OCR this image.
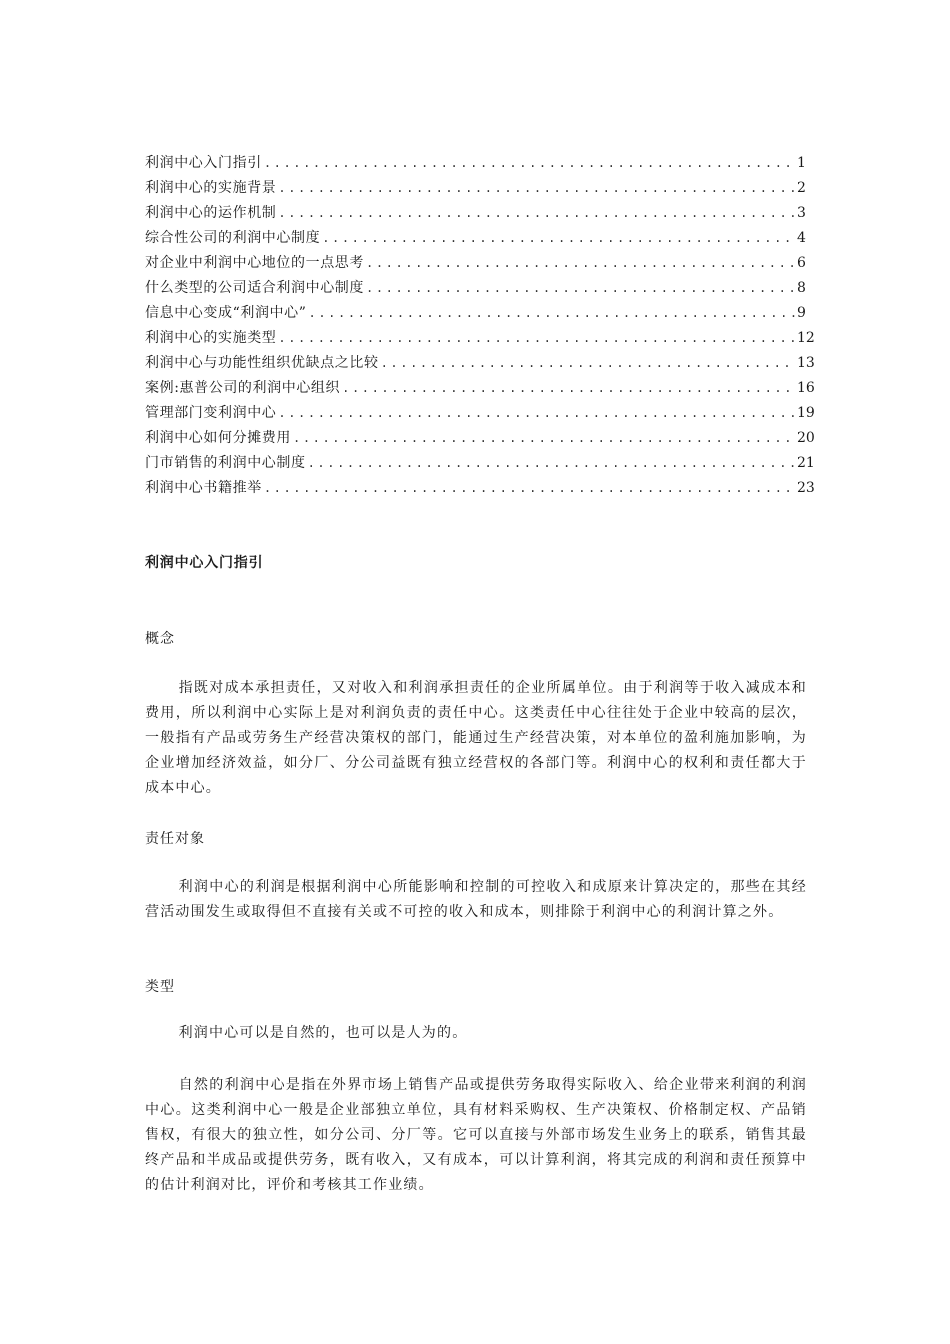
利润中心入门指引 .....	1
利润中心的实施背景 .....	2
利润中心的运作机制 .....	3
综合性公司的利润中心制度 .....	4
对企业中利润中心地位的一点思考 .....	6
什么类型的公司适合利润中心制度 .....	8
信息中心变成“利润中心” .....	9
利润中心的实施类型 .....	12
利润中心与功能性组织优缺点之比较 .....	13
案例:惠普公司的利润中心组织 .....	16
管理部门变利润中心 .....	19
利润中心如何分摊费用 .....	20
门市销售的利润中心制度 .....	21
利润中心书籍推举 .....	23
利润中心入门指引

概念

指既对成本承担责任，又对收入和利润承担责任的企业所属单位。由于利润等于收入减成本和费用，所以利润中心实际上是对利润负责的责任中心。这类责任中心往往处于企业中较高的层次，一般指有产品或劳务生产经营决策权的部门，能通过生产经营决策，对本单位的盈利施加影响，为企业增加经济效益，如分厂、分公司益既有独立经营权的各部门等。利润中心的权利和责任都大于成本中心。

责任对象

利润中心的利润是根据利润中心所能影响和控制的可控收入和成原来计算决定的，那些在其经营活动围发生或取得但不直接有关或不可控的收入和成本，则排除于利润中心的利润计算之外。

类型

利润中心可以是自然的，也可以是人为的。

自然的利润中心是指在外界市场上销售产品或提供劳务取得实际收入、给企业带来利润的利润中心。这类利润中心一般是企业部独立单位，具有材料采购权、生产决策权、价格制定权、产品销售权，有很大的独立性，如分公司、分厂等。它可以直接与外部市场发生业务上的联系，销售其最终产品和半成品或提供劳务，既有收入，又有成本，可以计算利润，将其完成的利润和责任预算中的估计利润对比，评价和考核其工作业绩。
